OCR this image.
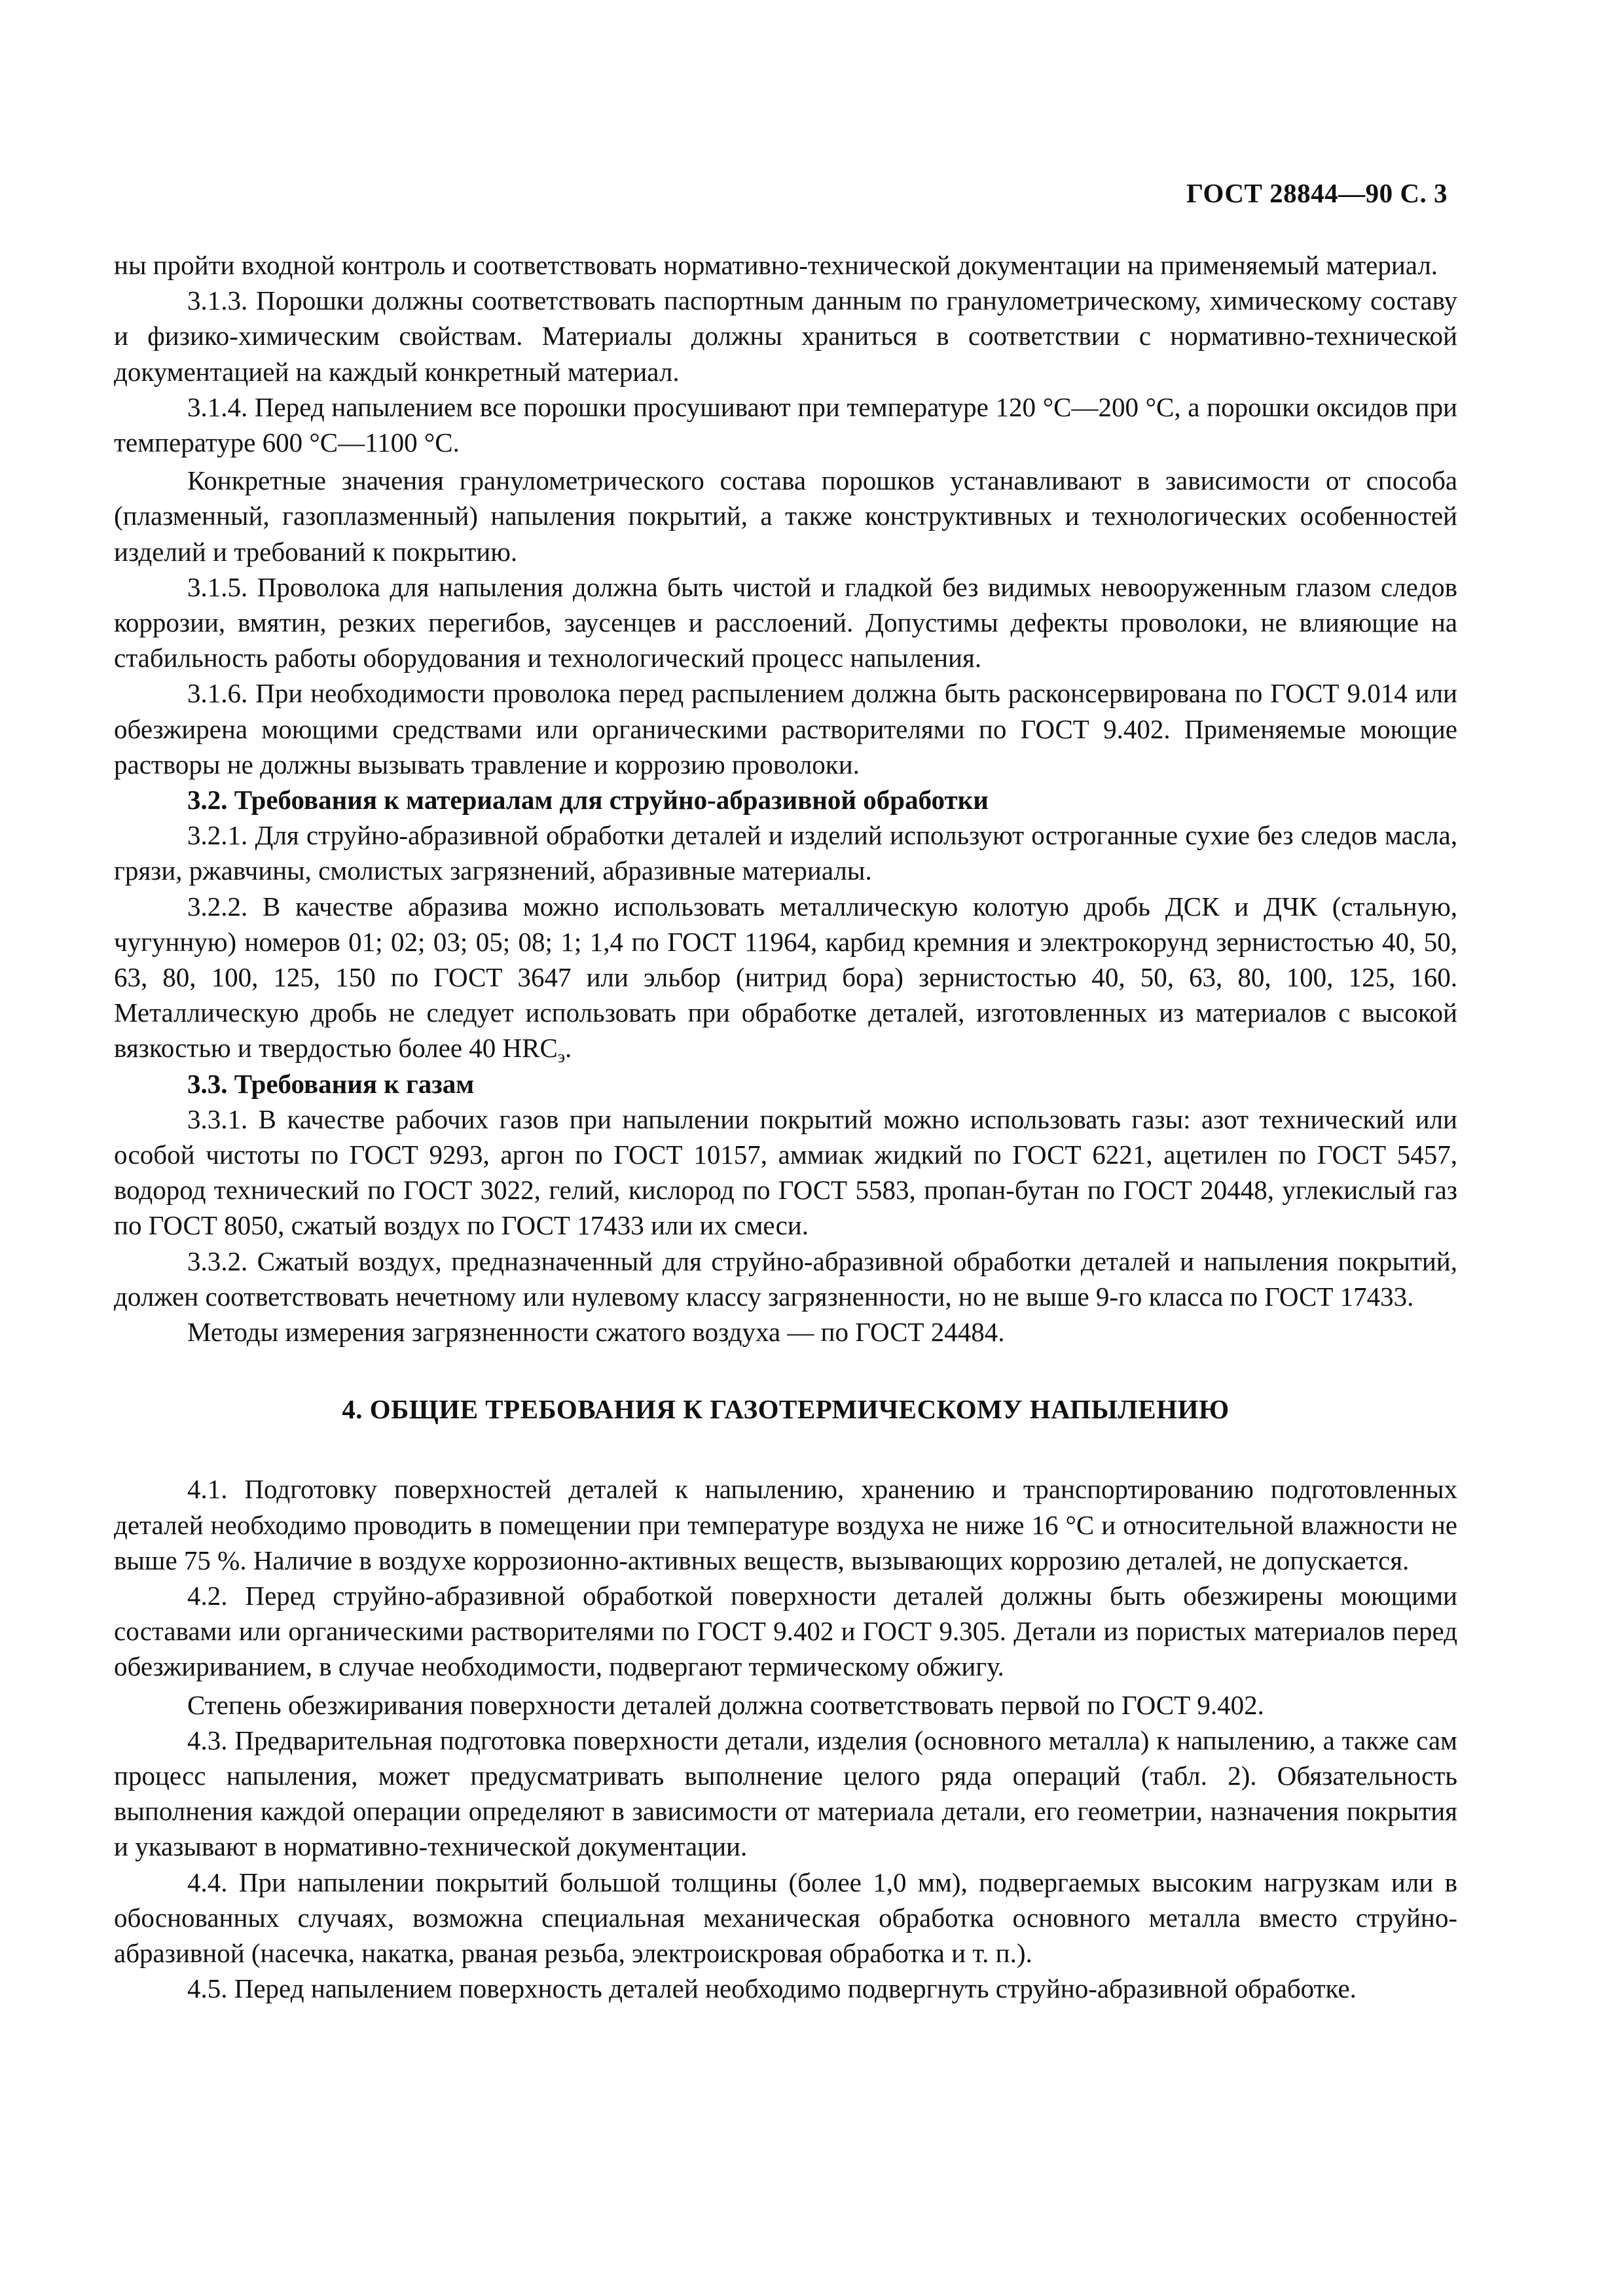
ГОСТ 28844—90 С. 3

ны пройти входной контроль и соответствовать нормативно-технической документации на применяемый материал.

3.1.3. Порошки должны соответствовать паспортным данным по гранулометрическому, химическому составу и физико-химическим свойствам. Материалы должны храниться в соответствии с нормативно-технической документацией на каждый конкретный материал.

3.1.4. Перед напылением все порошки просушивают при температуре 120 °С—200 °С, а порошки оксидов при температуре 600 °С—1100 °С.

Конкретные значения гранулометрического состава порошков устанавливают в зависимости от способа (плазменный, газоплазменный) напыления покрытий, а также конструктивных и технологических особенностей изделий и требований к покрытию.

3.1.5. Проволока для напыления должна быть чистой и гладкой без видимых невооруженным глазом следов коррозии, вмятин, резких перегибов, заусенцев и расслоений. Допустимы дефекты проволоки, не влияющие на стабильность работы оборудования и технологический процесс напыления.

3.1.6. При необходимости проволока перед распылением должна быть расконсервирована по ГОСТ 9.014 или обезжирена моющими средствами или органическими растворителями по ГОСТ 9.402. Применяемые моющие растворы не должны вызывать травление и коррозию проволоки.

3.2. Требования к материалам для струйно-абразивной обработки

3.2.1. Для струйно-абразивной обработки деталей и изделий используют остроганные сухие без следов масла, грязи, ржавчины, смолистых загрязнений, абразивные материалы.

3.2.2. В качестве абразива можно использовать металлическую колотую дробь ДСК и ДЧК (стальную, чугунную) номеров 01; 02; 03; 05; 08; 1; 1,4 по ГОСТ 11964, карбид кремния и электрокорунд зернистостью 40, 50, 63, 80, 100, 125, 150 по ГОСТ 3647 или эльбор (нитрид бора) зернистостью 40, 50, 63, 80, 100, 125, 160. Металлическую дробь не следует использовать при обработке деталей, изготовленных из материалов с высокой вязкостью и твердостью более 40 HRCэ.

3.3. Требования к газам

3.3.1. В качестве рабочих газов при напылении покрытий можно использовать газы: азот технический или особой чистоты по ГОСТ 9293, аргон по ГОСТ 10157, аммиак жидкий по ГОСТ 6221, ацетилен по ГОСТ 5457, водород технический по ГОСТ 3022, гелий, кислород по ГОСТ 5583, пропан-бутан по ГОСТ 20448, углекислый газ по ГОСТ 8050, сжатый воздух по ГОСТ 17433 или их смеси.

3.3.2. Сжатый воздух, предназначенный для струйно-абразивной обработки деталей и напыления покрытий, должен соответствовать нечетному или нулевому классу загрязненности, но не выше 9-го класса по ГОСТ 17433.

Методы измерения загрязненности сжатого воздуха — по ГОСТ 24484.

4. ОБЩИЕ ТРЕБОВАНИЯ К ГАЗОТЕРМИЧЕСКОМУ НАПЫЛЕНИЮ

4.1. Подготовку поверхностей деталей к напылению, хранению и транспортированию подготовленных деталей необходимо проводить в помещении при температуре воздуха не ниже 16 °С и относительной влажности не выше 75 %. Наличие в воздухе коррозионно-активных веществ, вызывающих коррозию деталей, не допускается.

4.2. Перед струйно-абразивной обработкой поверхности деталей должны быть обезжирены моющими составами или органическими растворителями по ГОСТ 9.402 и ГОСТ 9.305. Детали из пористых материалов перед обезжириванием, в случае необходимости, подвергают термическому обжигу.

Степень обезжиривания поверхности деталей должна соответствовать первой по ГОСТ 9.402.

4.3. Предварительная подготовка поверхности детали, изделия (основного металла) к напылению, а также сам процесс напыления, может предусматривать выполнение целого ряда операций (табл. 2). Обязательность выполнения каждой операции определяют в зависимости от материала детали, его геометрии, назначения покрытия и указывают в нормативно-технической документации.

4.4. При напылении покрытий большой толщины (более 1,0 мм), подвергаемых высоким нагрузкам или в обоснованных случаях, возможна специальная механическая обработка основного металла вместо струйно-абразивной (насечка, накатка, рваная резьба, электроискровая обработка и т. п.).

4.5. Перед напылением поверхность деталей необходимо подвергнуть струйно-абразивной обработке.
